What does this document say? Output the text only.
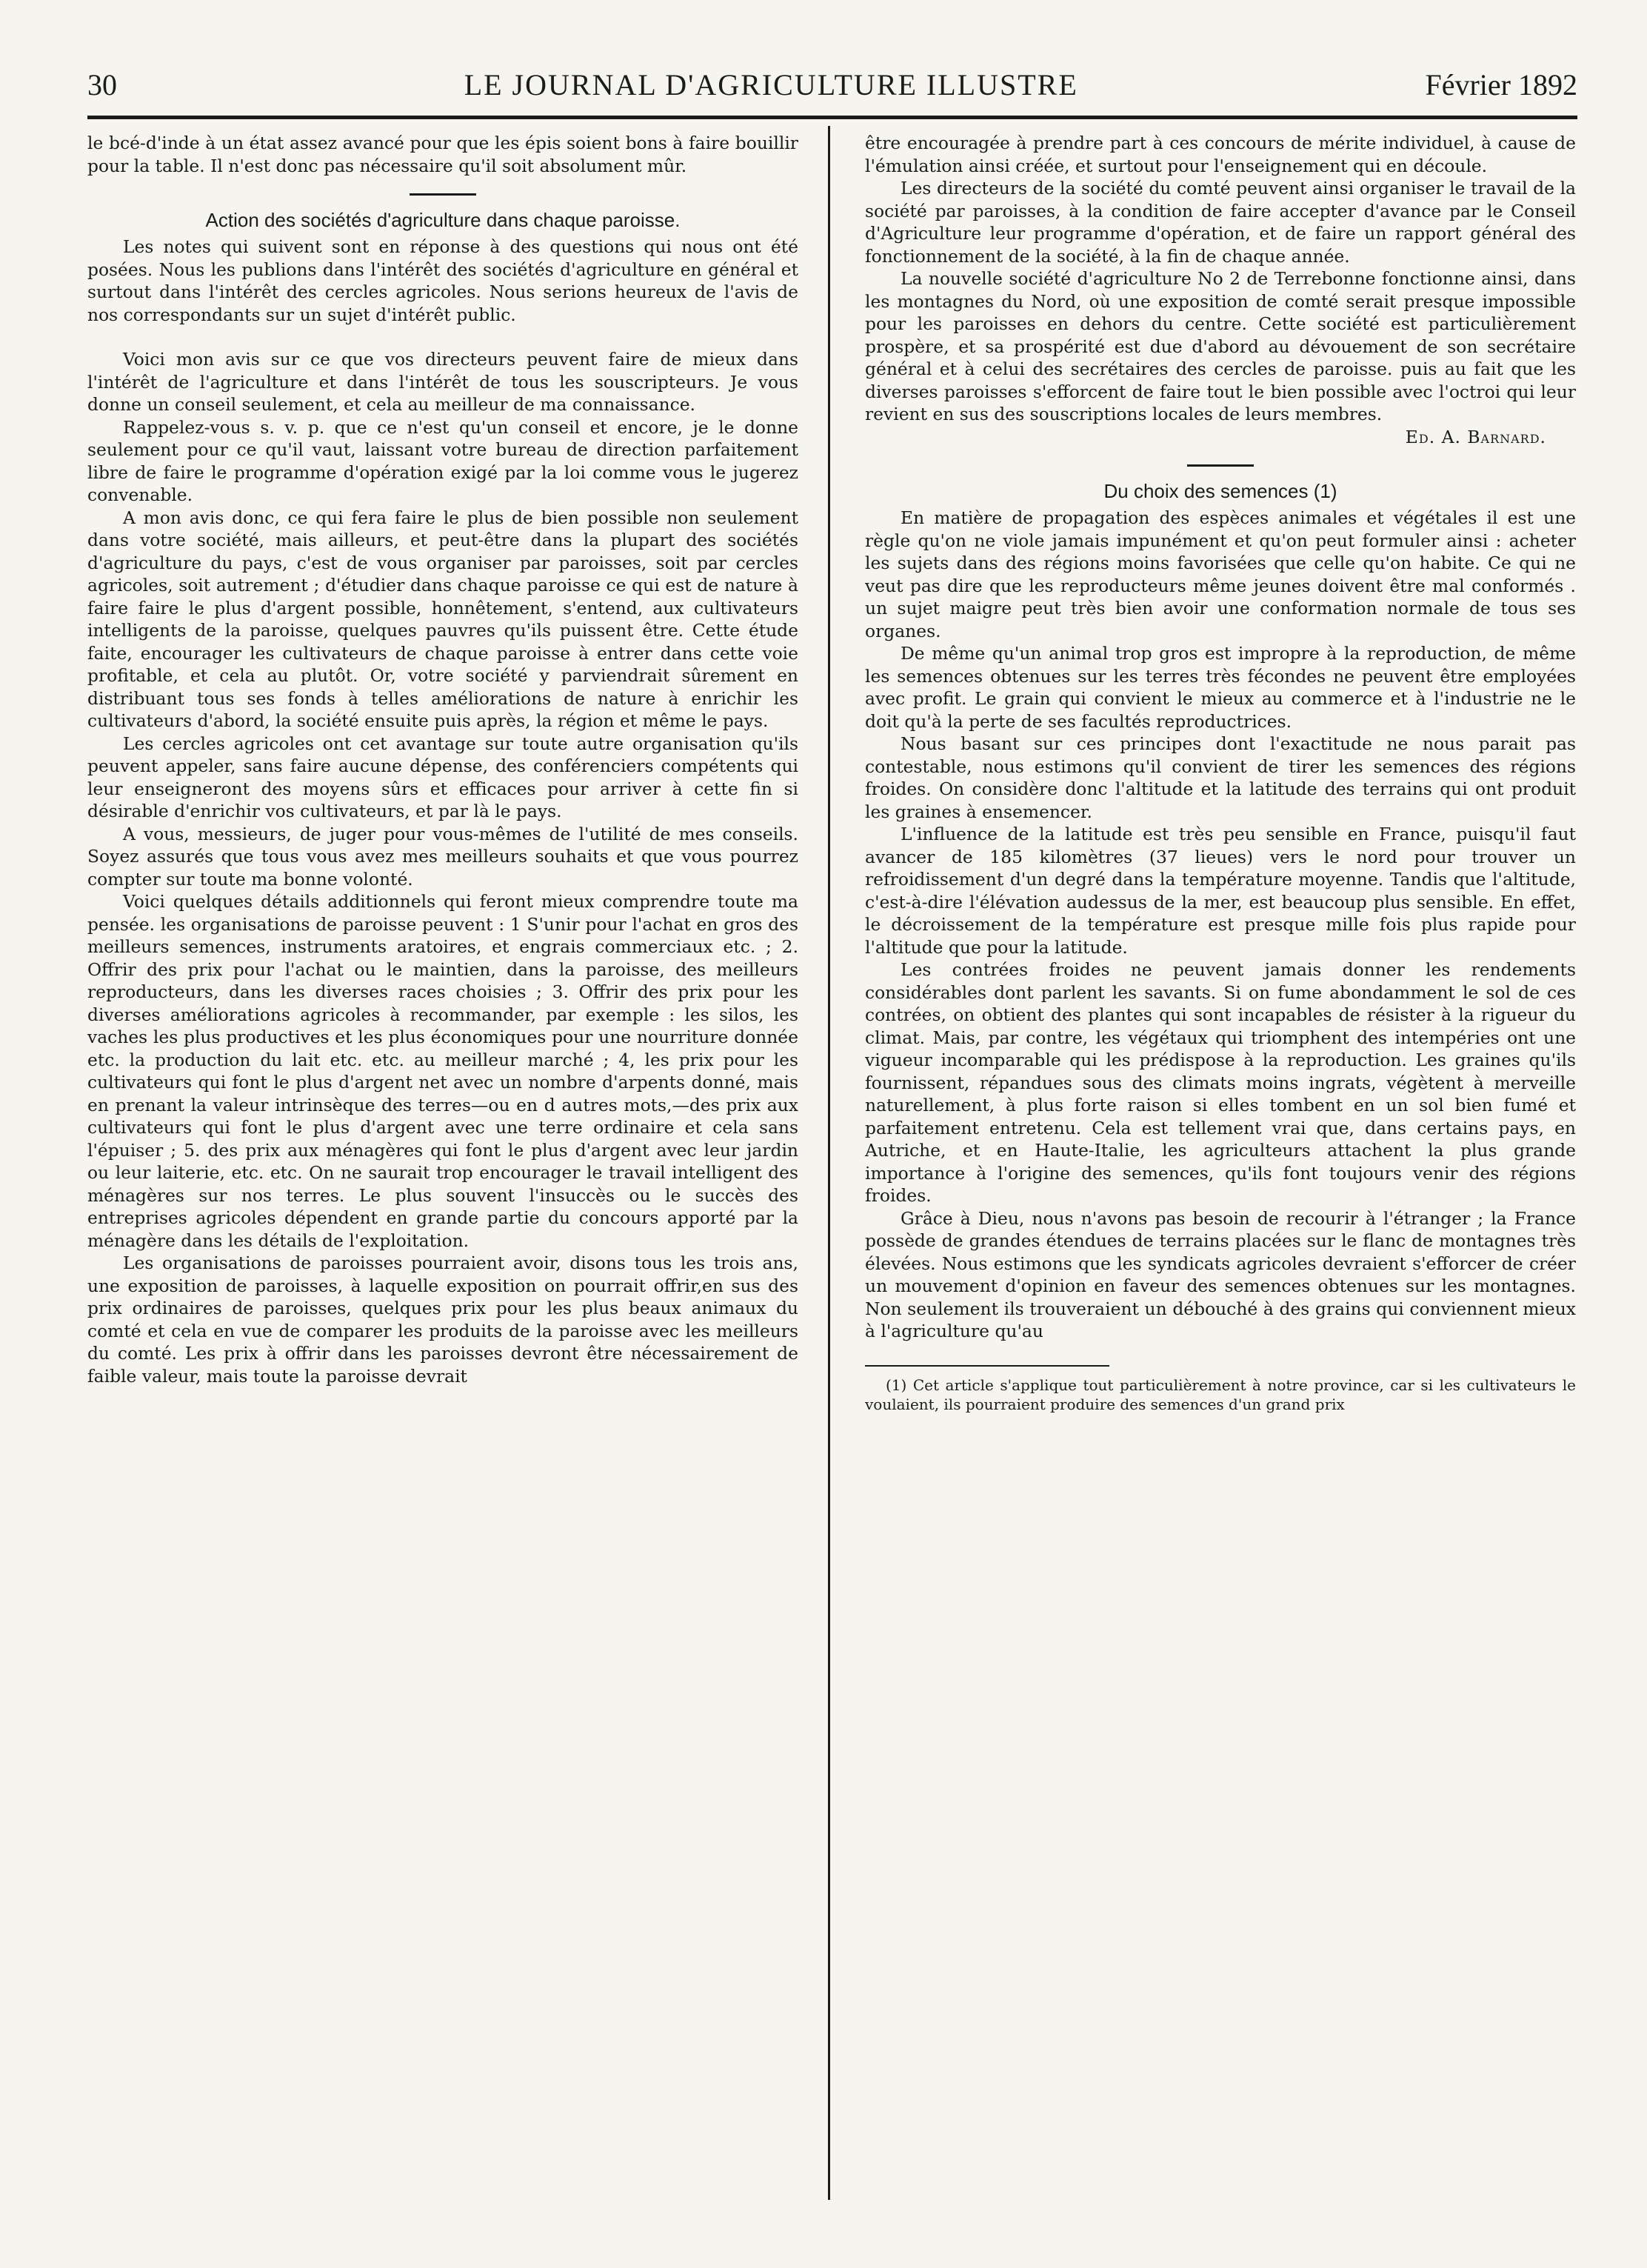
30	LE JOURNAL D'AGRICULTURE ILLUSTRE	Février 1892

le bcé-d'inde à un état assez avancé pour que les épis soient bons à faire bouillir pour la table. Il n'est donc pas nécessaire qu'il soit absolument mûr.

Action des sociétés d'agriculture dans chaque paroisse.

Les notes qui suivent sont en réponse à des questions qui nous ont été posées. Nous les publions dans l'intérêt des sociétés d'agriculture en général et surtout dans l'intérêt des cercles agricoles. Nous serions heureux de l'avis de nos correspondants sur un sujet d'intérêt public.

Voici mon avis sur ce que vos directeurs peuvent faire de mieux dans l'intérêt de l'agriculture et dans l'intérêt de tous les souscripteurs. Je vous donne un conseil seulement, et cela au meilleur de ma connaissance.

Rappelez-vous s. v. p. que ce n'est qu'un conseil et encore, je le donne seulement pour ce qu'il vaut, laissant votre bureau de direction parfaitement libre de faire le programme d'opération exigé par la loi comme vous le jugerez convenable.

A mon avis donc, ce qui fera faire le plus de bien possible non seulement dans votre société, mais ailleurs, et peut-être dans la plupart des sociétés d'agriculture du pays, c'est de vous organiser par paroisses, soit par cercles agricoles, soit autrement ; d'étudier dans chaque paroisse ce qui est de nature à faire faire le plus d'argent possible, honnêtement, s'entend, aux cultivateurs intelligents de la paroisse, quelques pauvres qu'ils puissent être. Cette étude faite, encourager les cultivateurs de chaque paroisse à entrer dans cette voie profitable, et cela au plutôt. Or, votre société y parviendrait sûrement en distribuant tous ses fonds à telles améliorations de nature à enrichir les cultivateurs d'abord, la société ensuite puis après, la région et même le pays.

Les cercles agricoles ont cet avantage sur toute autre organisation qu'ils peuvent appeler, sans faire aucune dépense, des conférenciers compétents qui leur enseigneront des moyens sûrs et efficaces pour arriver à cette fin si désirable d'enrichir vos cultivateurs, et par là le pays.

A vous, messieurs, de juger pour vous-mêmes de l'utilité de mes conseils. Soyez assurés que tous vous avez mes meilleurs souhaits et que vous pourrez compter sur toute ma bonne volonté.

Voici quelques détails additionnels qui feront mieux comprendre toute ma pensée. les organisations de paroisse peuvent : 1 S'unir pour l'achat en gros des meilleurs semences, instruments aratoires, et engrais commerciaux etc. ; 2. Offrir des prix pour l'achat ou le maintien, dans la paroisse, des meilleurs reproducteurs, dans les diverses races choisies ; 3. Offrir des prix pour les diverses améliorations agricoles à recommander, par exemple : les silos, les vaches les plus productives et les plus économiques pour une nourriture donnée etc. la production du lait etc. etc. au meilleur marché ; 4, les prix pour les cultivateurs qui font le plus d'argent net avec un nombre d'arpents donné, mais en prenant la valeur intrinsèque des terres—ou en d autres mots,—des prix aux cultivateurs qui font le plus d'argent avec une terre ordinaire et cela sans l'épuiser ; 5. des prix aux ménagères qui font le plus d'argent avec leur jardin ou leur laiterie, etc. etc. On ne saurait trop encourager le travail intelligent des ménagères sur nos terres. Le plus souvent l'insuccès ou le succès des entreprises agricoles dépendent en grande partie du concours apporté par la ménagère dans les détails de l'exploitation.

Les organisations de paroisses pourraient avoir, disons tous les trois ans, une exposition de paroisses, à laquelle exposition on pourrait offrir,en sus des prix ordinaires de paroisses, quelques prix pour les plus beaux animaux du comté et cela en vue de comparer les produits de la paroisse avec les meilleurs du comté. Les prix à offrir dans les paroisses devront être nécessairement de faible valeur, mais toute la paroisse devrait

être encouragée à prendre part à ces concours de mérite individuel, à cause de l'émulation ainsi créée, et surtout pour l'enseignement qui en découle.

Les directeurs de la société du comté peuvent ainsi organiser le travail de la société par paroisses, à la condition de faire accepter d'avance par le Conseil d'Agriculture leur programme d'opération, et de faire un rapport général des fonctionnement de la société, à la fin de chaque année.

La nouvelle société d'agriculture No 2 de Terrebonne fonctionne ainsi, dans les montagnes du Nord, où une exposition de comté serait presque impossible pour les paroisses en dehors du centre. Cette société est particulièrement prospère, et sa prospérité est due d'abord au dévouement de son secrétaire général et à celui des secrétaires des cercles de paroisse. puis au fait que les diverses paroisses s'efforcent de faire tout le bien possible avec l'octroi qui leur revient en sus des souscriptions locales de leurs membres.

Ed. A. Barnard.

Du choix des semences (1)

En matière de propagation des espèces animales et végétales il est une règle qu'on ne viole jamais impunément et qu'on peut formuler ainsi : acheter les sujets dans des régions moins favorisées que celle qu'on habite. Ce qui ne veut pas dire que les reproducteurs même jeunes doivent être mal conformés . un sujet maigre peut très bien avoir une conformation normale de tous ses organes.

De même qu'un animal trop gros est impropre à la reproduction, de même les semences obtenues sur les terres très fécondes ne peuvent être employées avec profit. Le grain qui convient le mieux au commerce et à l'industrie ne le doit qu'à la perte de ses facultés reproductrices.

Nous basant sur ces principes dont l'exactitude ne nous parait pas contestable, nous estimons qu'il convient de tirer les semences des régions froides. On considère donc l'altitude et la latitude des terrains qui ont produit les graines à ensemencer.

L'influence de la latitude est très peu sensible en France, puisqu'il faut avancer de 185 kilomètres (37 lieues) vers le nord pour trouver un refroidissement d'un degré dans la température moyenne. Tandis que l'altitude, c'est-à-dire l'élévation audessus de la mer, est beaucoup plus sensible. En effet, le décroissement de la température est presque mille fois plus rapide pour l'altitude que pour la latitude.

Les contrées froides ne peuvent jamais donner les rendements considérables dont parlent les savants. Si on fume abondamment le sol de ces contrées, on obtient des plantes qui sont incapables de résister à la rigueur du climat. Mais, par contre, les végétaux qui triomphent des intempéries ont une vigueur incomparable qui les prédispose à la reproduction. Les graines qu'ils fournissent, répandues sous des climats moins ingrats, végètent à merveille naturellement, à plus forte raison si elles tombent en un sol bien fumé et parfaitement entretenu. Cela est tellement vrai que, dans certains pays, en Autriche, et en Haute-Italie, les agriculteurs attachent la plus grande importance à l'origine des semences, qu'ils font toujours venir des régions froides.

Grâce à Dieu, nous n'avons pas besoin de recourir à l'étranger ; la France possède de grandes étendues de terrains placées sur le flanc de montagnes très élevées. Nous estimons que les syndicats agricoles devraient s'efforcer de créer un mouvement d'opinion en faveur des semences obtenues sur les montagnes. Non seulement ils trouveraient un débouché à des grains qui conviennent mieux à l'agriculture qu'au

(1) Cet article s'applique tout particulièrement à notre province, car si les cultivateurs le voulaient, ils pourraient produire des semences d'un grand prix
